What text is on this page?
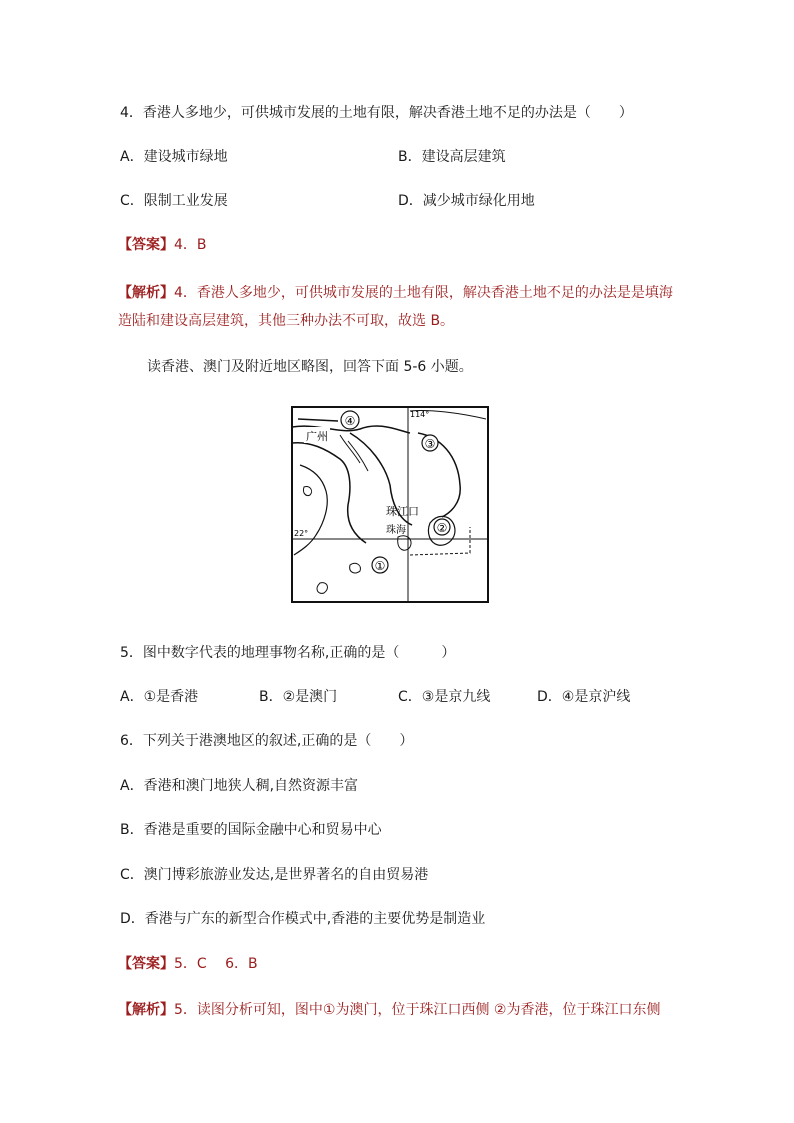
4．香港人多地少，可供城市发展的土地有限，解决香港土地不足的办法是（　　）
A．建设城市绿地	B．建设高层建筑
C．限制工业发展	D．减少城市绿化用地
【答案】4．B
【解析】4．香港人多地少，可供城市发展的土地有限，解决香港土地不足的办法是是填海
造陆和建设高层建筑，其他三种办法不可取，故选 B。
读香港、澳门及附近地区略图，回答下面 5-6 小题。
④
③
②
①
广州
珠江口
珠海
114°
22°
5．图中数字代表的地理事物名称,正确的是（　　　）
A．①是香港	B．②是澳门	C．③是京九线	D．④是京沪线
6．下列关于港澳地区的叙述,正确的是（　　）
A．香港和澳门地狭人稠,自然资源丰富
B．香港是重要的国际金融中心和贸易中心
C．澳门博彩旅游业发达,是世界著名的自由贸易港
D．香港与广东的新型合作模式中,香港的主要优势是制造业
【答案】5．C　 6．B
【解析】5．读图分析可知，图中①为澳门，位于珠江口西侧 ②为香港，位于珠江口东侧
